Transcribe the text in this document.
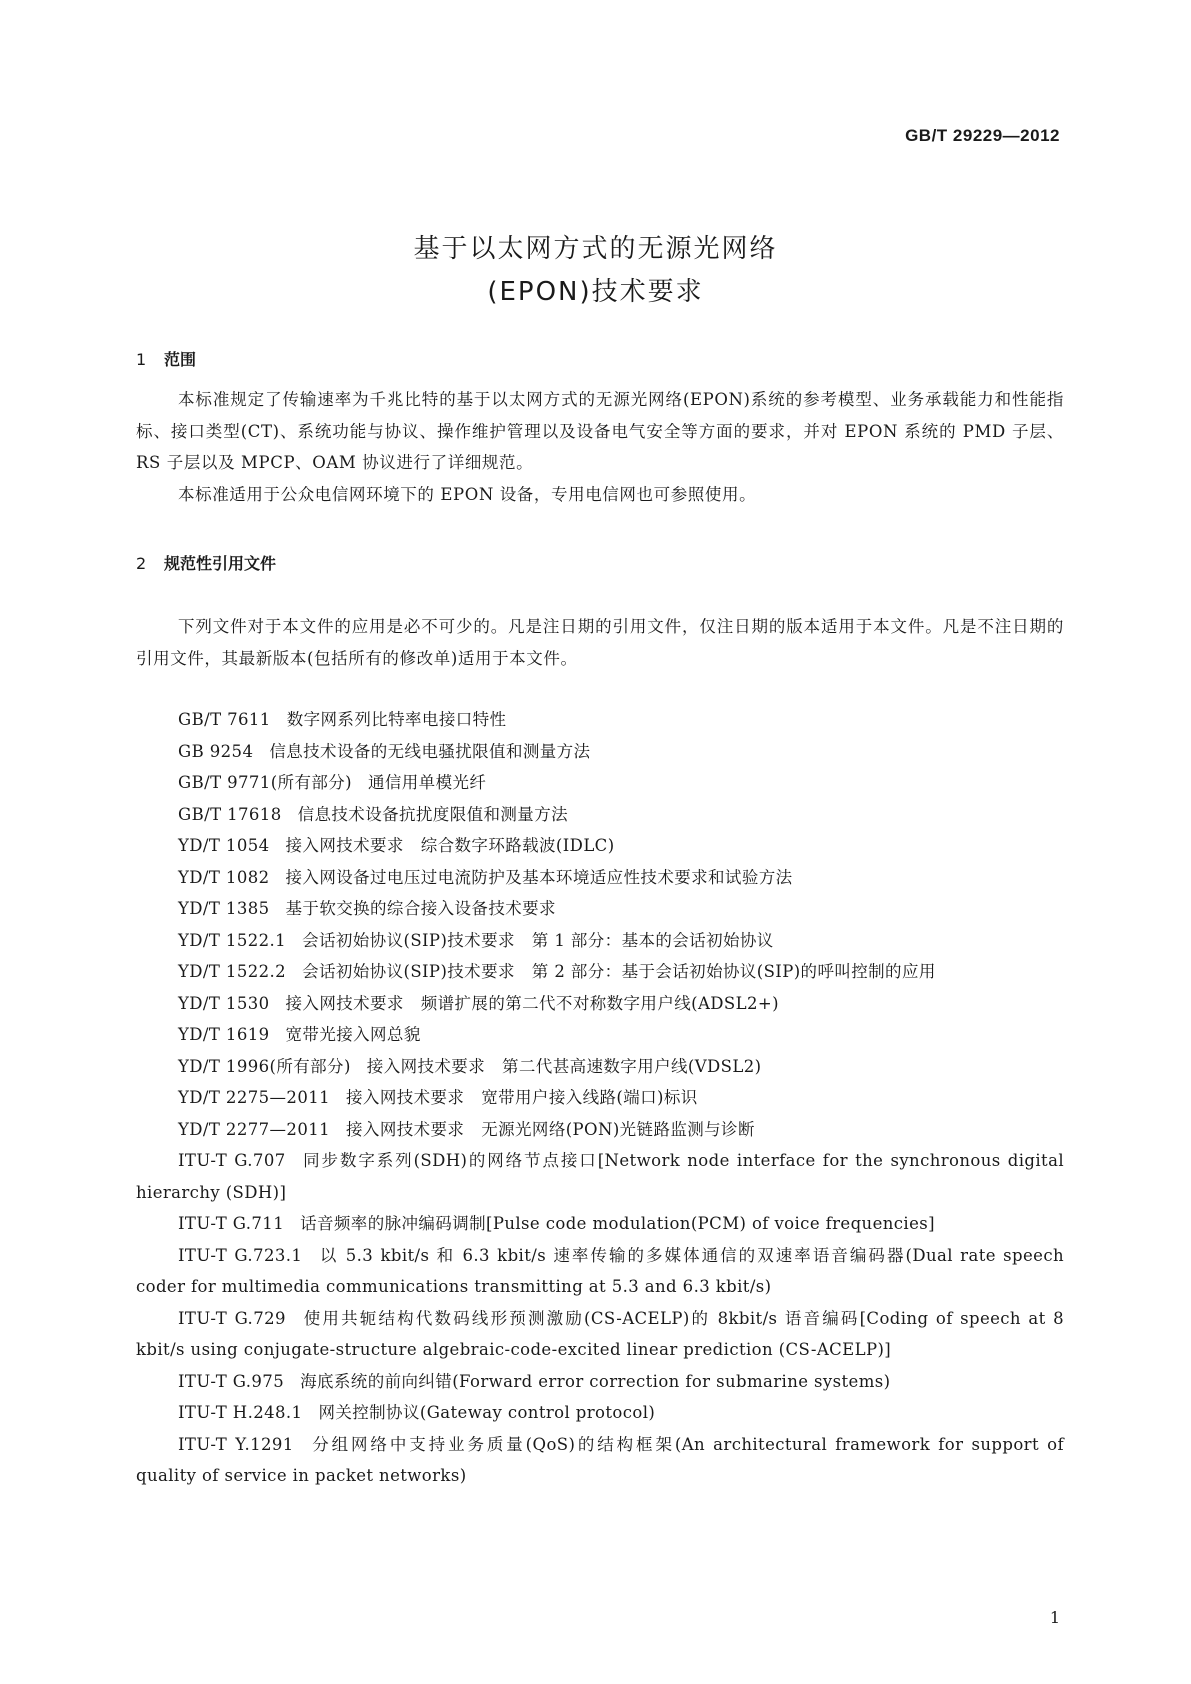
GB/T 29229—2012
基于以太网方式的无源光网络
(EPON)技术要求
1 范围

本标准规定了传输速率为千兆比特的基于以太网方式的无源光网络(EPON)系统的参考模型、业务承载能力和性能指标、接口类型(CT)、系统功能与协议、操作维护管理以及设备电气安全等方面的要求，并对 EPON 系统的 PMD 子层、RS 子层以及 MPCP、OAM 协议进行了详细规范。

本标准适用于公众电信网环境下的 EPON 设备，专用电信网也可参照使用。

2 规范性引用文件

下列文件对于本文件的应用是必不可少的。凡是注日期的引用文件，仅注日期的版本适用于本文件。凡是不注日期的引用文件，其最新版本(包括所有的修改单)适用于本文件。

GB/T 7611 数字网系列比特率电接口特性
GB 9254 信息技术设备的无线电骚扰限值和测量方法
GB/T 9771(所有部分) 通信用单模光纤
GB/T 17618 信息技术设备抗扰度限值和测量方法
YD/T 1054 接入网技术要求　综合数字环路载波(IDLC)
YD/T 1082 接入网设备过电压过电流防护及基本环境适应性技术要求和试验方法
YD/T 1385 基于软交换的综合接入设备技术要求
YD/T 1522.1 会话初始协议(SIP)技术要求　第 1 部分：基本的会话初始协议
YD/T 1522.2 会话初始协议(SIP)技术要求　第 2 部分：基于会话初始协议(SIP)的呼叫控制的应用
YD/T 1530 接入网技术要求　频谱扩展的第二代不对称数字用户线(ADSL2+)
YD/T 1619 宽带光接入网总貌
YD/T 1996(所有部分) 接入网技术要求　第二代甚高速数字用户线(VDSL2)
YD/T 2275—2011 接入网技术要求　宽带用户接入线路(端口)标识
YD/T 2277—2011 接入网技术要求　无源光网络(PON)光链路监测与诊断
ITU-T G.707 同步数字系列(SDH)的网络节点接口[Network node interface for the synchronous digital hierarchy (SDH)]
ITU-T G.711 话音频率的脉冲编码调制[Pulse code modulation(PCM) of voice frequencies]
ITU-T G.723.1 以 5.3 kbit/s 和 6.3 kbit/s 速率传输的多媒体通信的双速率语音编码器(Dual rate speech coder for multimedia communications transmitting at 5.3 and 6.3 kbit/s)
ITU-T G.729 使用共轭结构代数码线形预测激励(CS-ACELP)的 8kbit/s 语音编码[Coding of speech at 8 kbit/s using conjugate-structure algebraic-code-excited linear prediction (CS-ACELP)]
ITU-T G.975 海底系统的前向纠错(Forward error correction for submarine systems)
ITU-T H.248.1 网关控制协议(Gateway control protocol)
ITU-T Y.1291 分组网络中支持业务质量(QoS)的结构框架(An architectural framework for support of quality of service in packet networks)
1
